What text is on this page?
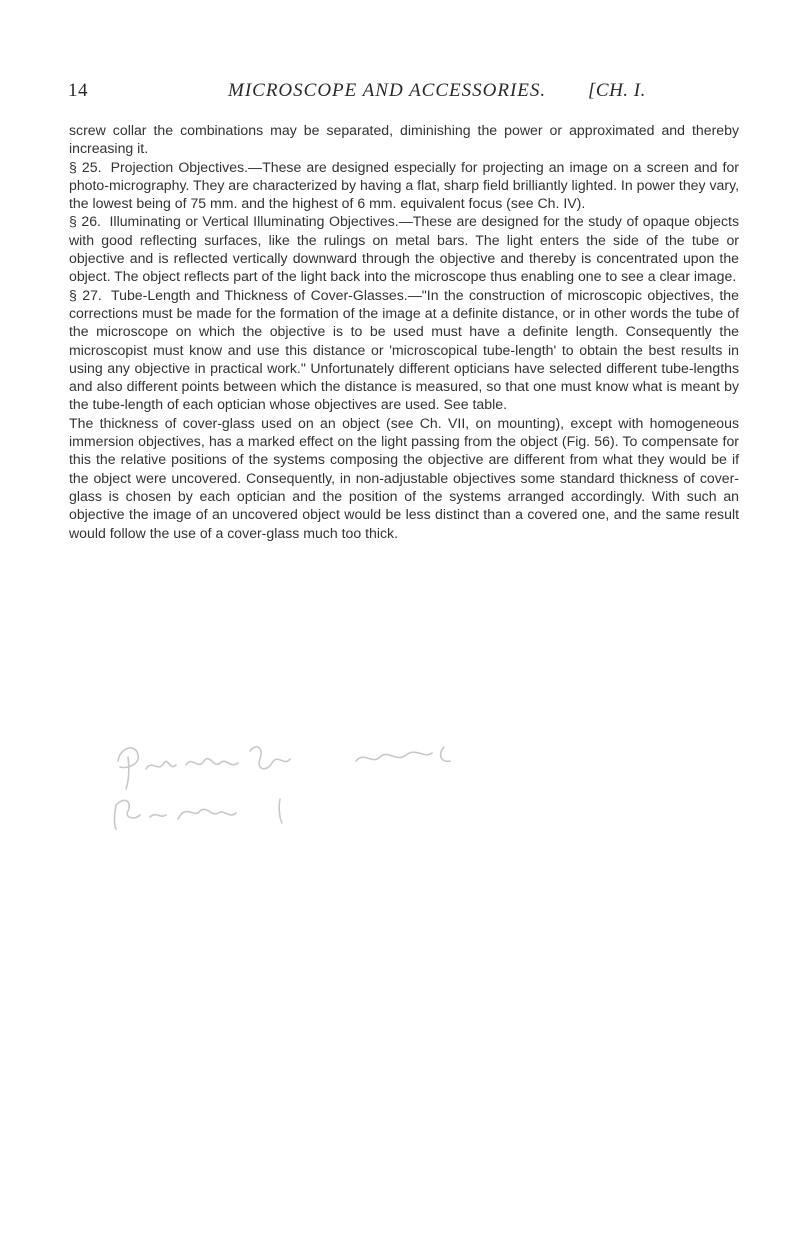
14	MICROSCOPE AND ACCESSORIES. [CH. I.

screw collar the combinations may be separated, diminishing the power or approximated and thereby increasing it.

§ 25. Projection Objectives.—These are designed especially for projecting an image on a screen and for photo-micrography. They are characterized by having a flat, sharp field brilliantly lighted. In power they vary, the lowest being of 75 mm. and the highest of 6 mm. equivalent focus (see Ch. IV).

§ 26. Illuminating or Vertical Illuminating Objectives.—These are designed for the study of opaque objects with good reflecting surfaces, like the rulings on metal bars. The light enters the side of the tube or objective and is reflected vertically downward through the objective and thereby is concentrated upon the object. The object reflects part of the light back into the microscope thus enabling one to see a clear image.

§ 27. Tube-Length and Thickness of Cover-Glasses.—"In the construction of microscopic objectives, the corrections must be made for the formation of the image at a definite distance, or in other words the tube of the microscope on which the objective is to be used must have a definite length. Consequently the microscopist must know and use this distance or 'microscopical tube-length' to obtain the best results in using any objective in practical work." Unfortunately different opticians have selected different tube-lengths and also different points between which the distance is measured, so that one must know what is meant by the tube-length of each optician whose objectives are used. See table.

The thickness of cover-glass used on an object (see Ch. VII, on mounting), except with homogeneous immersion objectives, has a marked effect on the light passing from the object (Fig. 56). To compensate for this the relative positions of the systems composing the objective are different from what they would be if the object were uncovered. Consequently, in non-adjustable objectives some standard thickness of cover-glass is chosen by each optician and the position of the systems arranged accordingly. With such an objective the image of an uncovered object would be less distinct than a covered one, and the same result would follow the use of a cover-glass much too thick.
